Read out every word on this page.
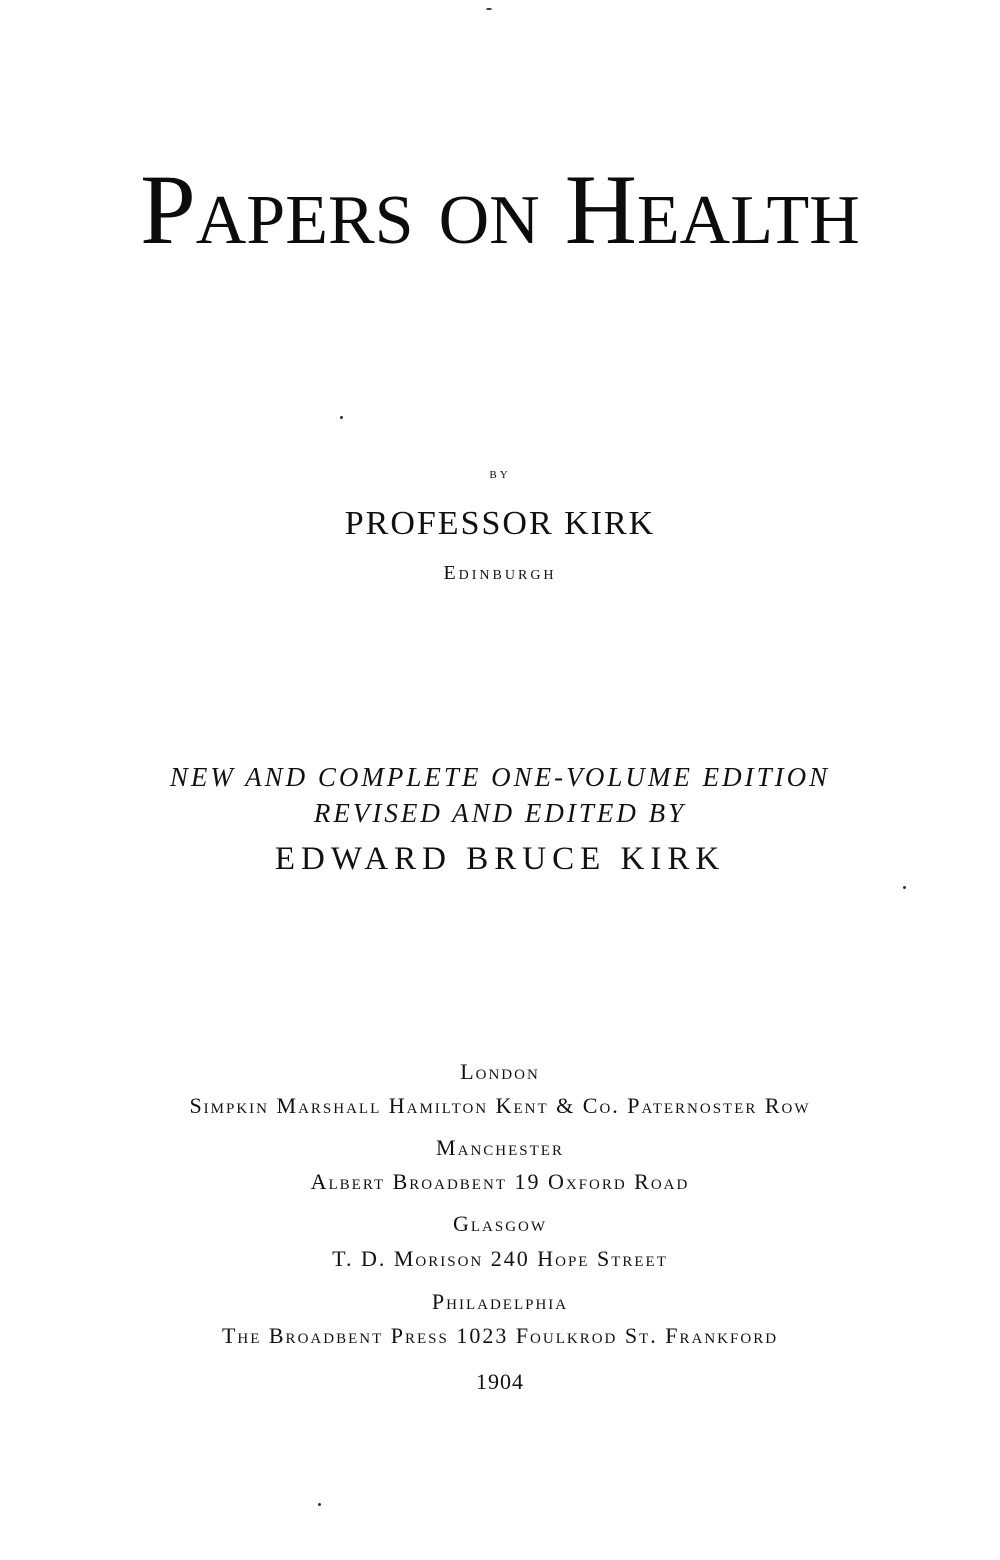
Papers on Health
by
PROFESSOR KIRK
Edinburgh
NEW AND COMPLETE ONE-VOLUME EDITION
REVISED AND EDITED BY
EDWARD BRUCE KIRK
London
Simpkin Marshall Hamilton Kent & Co. Paternoster Row
Manchester
Albert Broadbent 19 Oxford Road
Glasgow
T. D. Morison 240 Hope Street
Philadelphia
The Broadbent Press 1023 Foulkrod St. Frankford
1904
